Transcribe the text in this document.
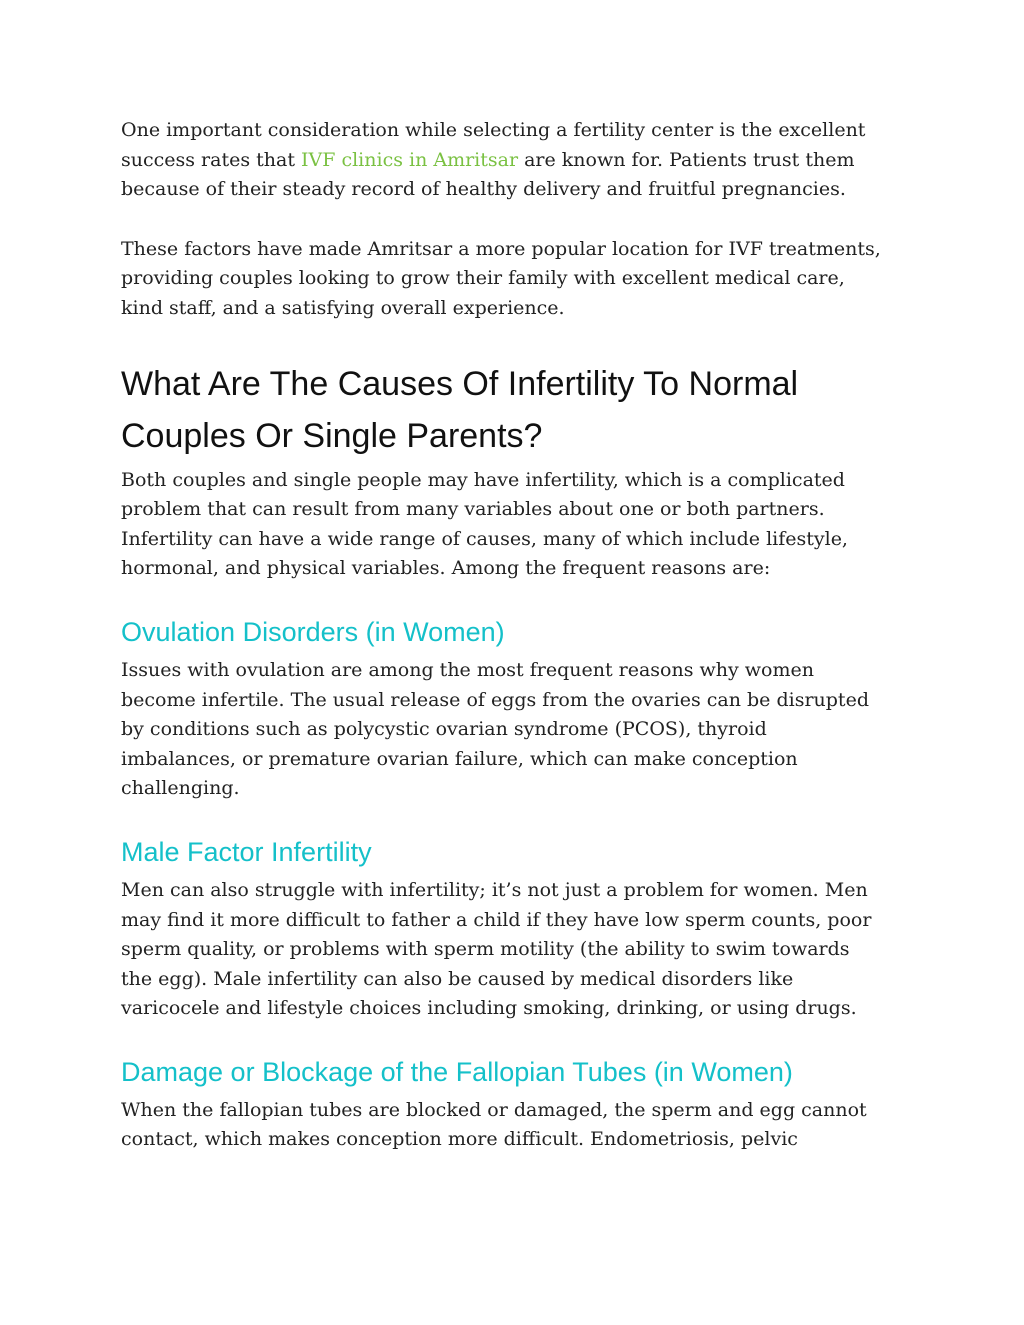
One important consideration while selecting a fertility center is the excellent
success rates that IVF clinics in Amritsar are known for. Patients trust them
because of their steady record of healthy delivery and fruitful pregnancies.

These factors have made Amritsar a more popular location for IVF treatments,
providing couples looking to grow their family with excellent medical care,
kind staff, and a satisfying overall experience.

What Are The Causes Of Infertility To Normal
Couples Or Single Parents?

Both couples and single people may have infertility, which is a complicated
problem that can result from many variables about one or both partners.
Infertility can have a wide range of causes, many of which include lifestyle,
hormonal, and physical variables. Among the frequent reasons are:

Ovulation Disorders (in Women)

Issues with ovulation are among the most frequent reasons why women
become infertile. The usual release of eggs from the ovaries can be disrupted
by conditions such as polycystic ovarian syndrome (PCOS), thyroid
imbalances, or premature ovarian failure, which can make conception
challenging.

Male Factor Infertility

Men can also struggle with infertility; it’s not just a problem for women. Men
may find it more difficult to father a child if they have low sperm counts, poor
sperm quality, or problems with sperm motility (the ability to swim towards
the egg). Male infertility can also be caused by medical disorders like
varicocele and lifestyle choices including smoking, drinking, or using drugs.

Damage or Blockage of the Fallopian Tubes (in Women)

When the fallopian tubes are blocked or damaged, the sperm and egg cannot
contact, which makes conception more difficult. Endometriosis, pelvic
